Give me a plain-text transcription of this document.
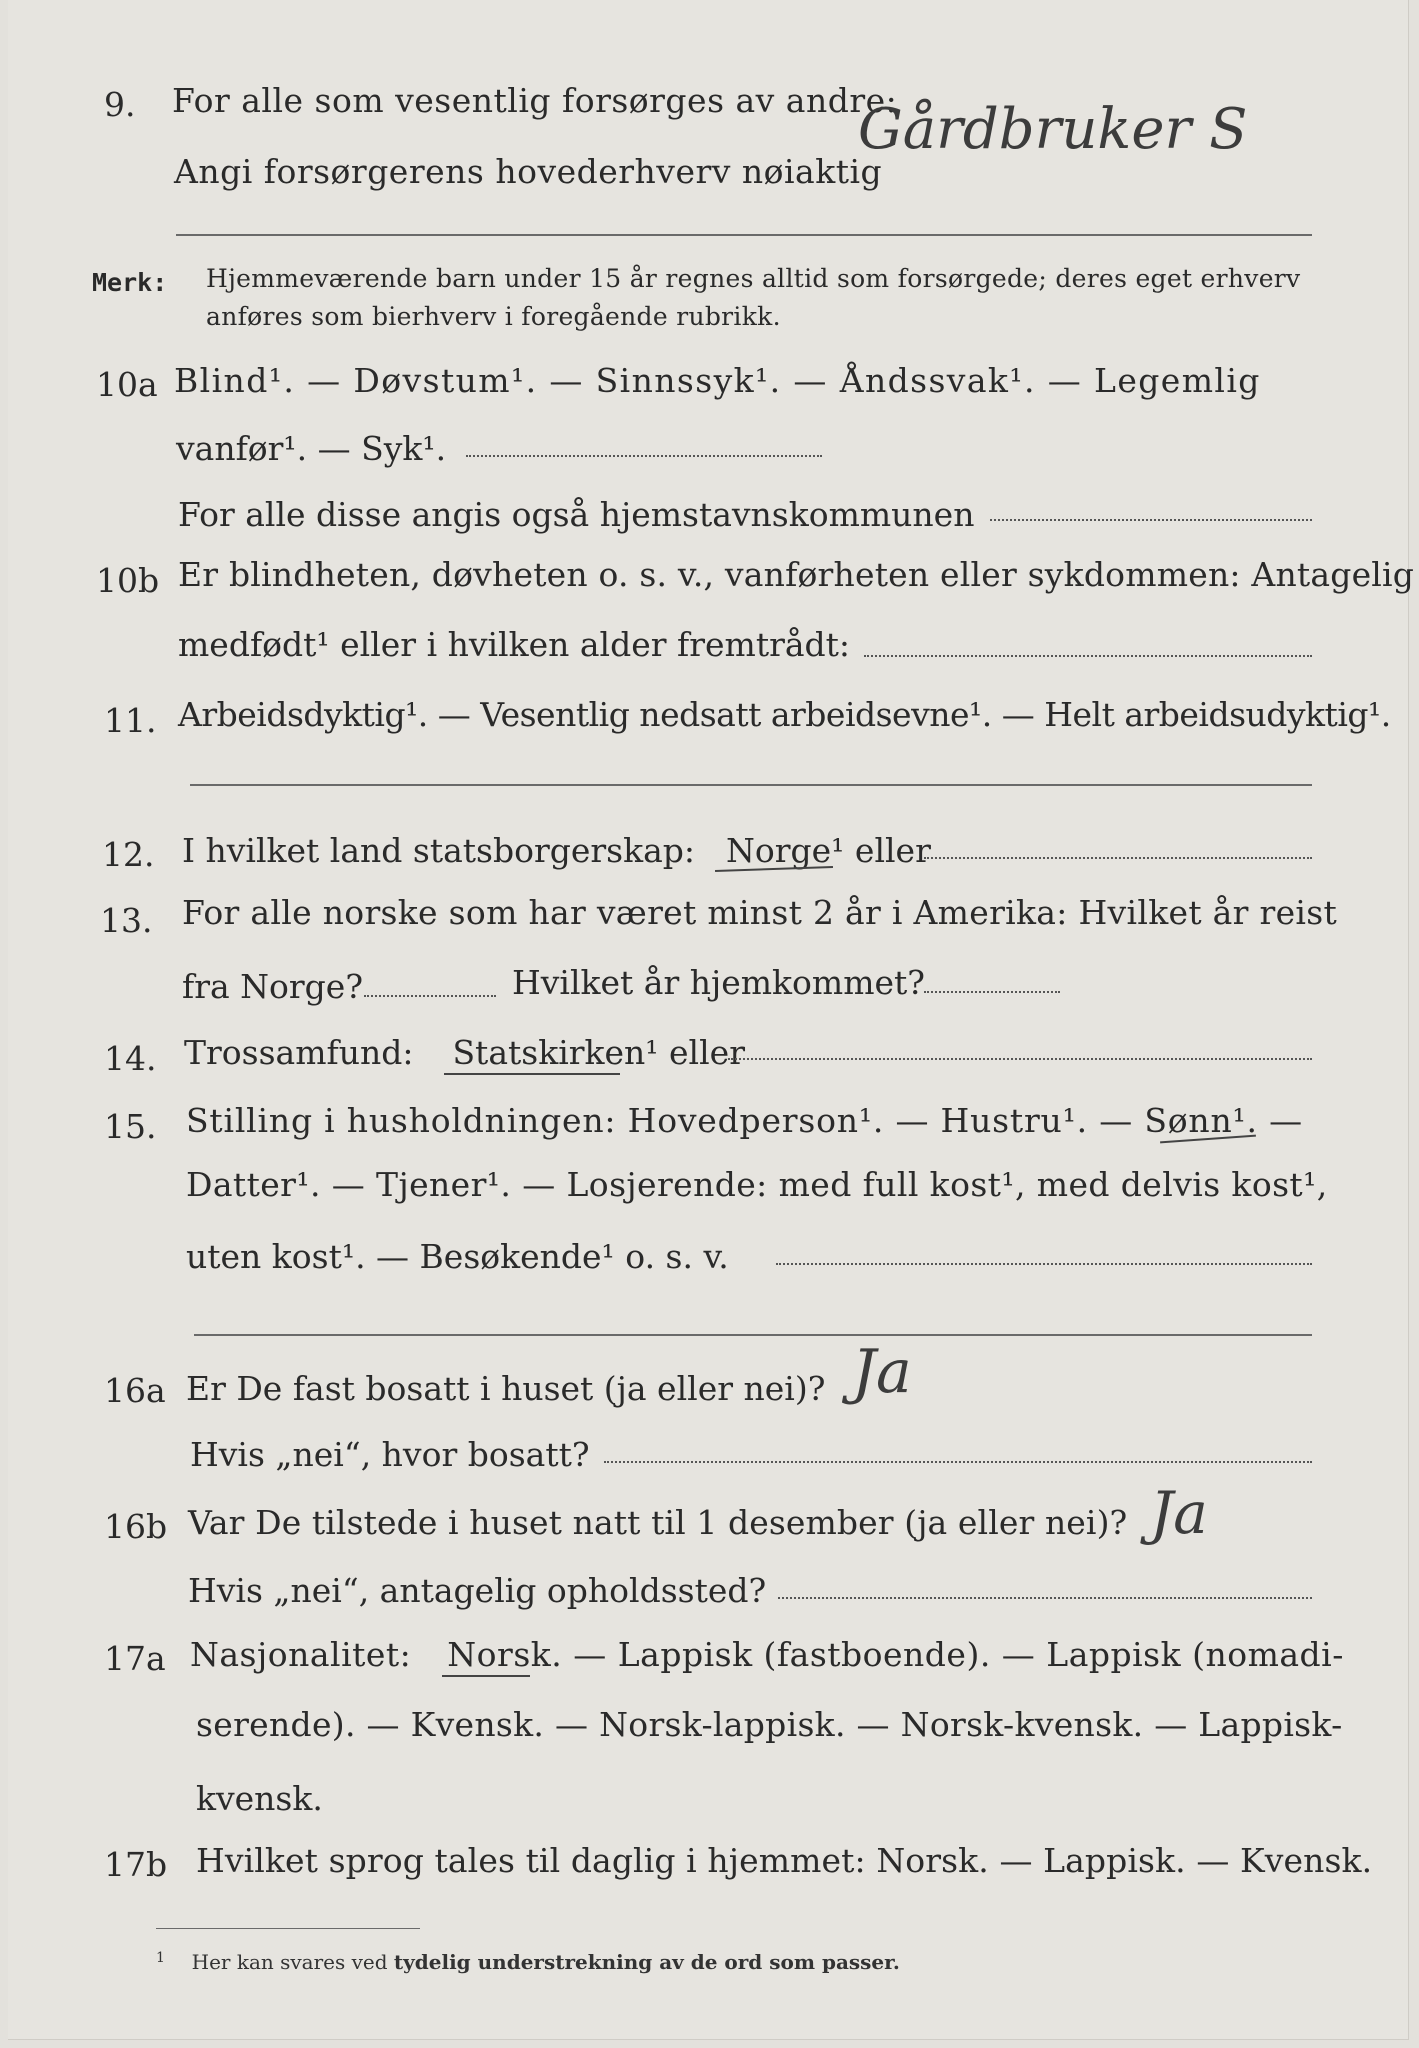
9. For alle som vesentlig forsørges av andre:
Angi forsørgerens hovederhverv nøiaktig
Gårdbruker S
Merk: Hjemmeværende barn under 15 år regnes alltid som forsørgede; deres eget erhverv
anføres som bierhverv i foregående rubrikk.
10a Blind¹. — Døvstum¹. — Sinnssyk¹. — Åndssvak¹. — Legemlig
vanfør¹. — Syk¹.
For alle disse angis også hjemstavnskommunen
10b Er blindheten, døvheten o. s. v., vanførheten eller sykdommen: Antagelig
medfødt¹ eller i hvilken alder fremtrådt:
11. Arbeidsdyktig¹. — Vesentlig nedsatt arbeidsevne¹. — Helt arbeidsudyktig¹.
12. I hvilket land statsborgerskap: Norge¹ eller
13. For alle norske som har været minst 2 år i Amerika: Hvilket år reist
fra Norge?	Hvilket år hjemkommet?
14. Trossamfund: Statskirken¹ eller
15. Stilling i husholdningen: Hovedperson¹. — Hustru¹. — Sønn¹. —
Datter¹. — Tjener¹. — Losjerende: med full kost¹, med delvis kost¹,
uten kost¹. — Besøkende¹ o. s. v.
16a Er De fast bosatt i huset (ja eller nei)? Ja
Hvis „nei“, hvor bosatt?
16b Var De tilstede i huset natt til 1 desember (ja eller nei)? Ja
Hvis „nei“, antagelig opholdssted?
17a Nasjonalitet: Norsk. — Lappisk (fastboende). — Lappisk (nomadi-
serende). — Kvensk. — Norsk-lappisk. — Norsk-kvensk. — Lappisk-
kvensk.
17b Hvilket sprog tales til daglig i hjemmet: Norsk. — Lappisk. — Kvensk.
$^1$ Her kan svares ved tydelig understrekning av de ord som passer.
